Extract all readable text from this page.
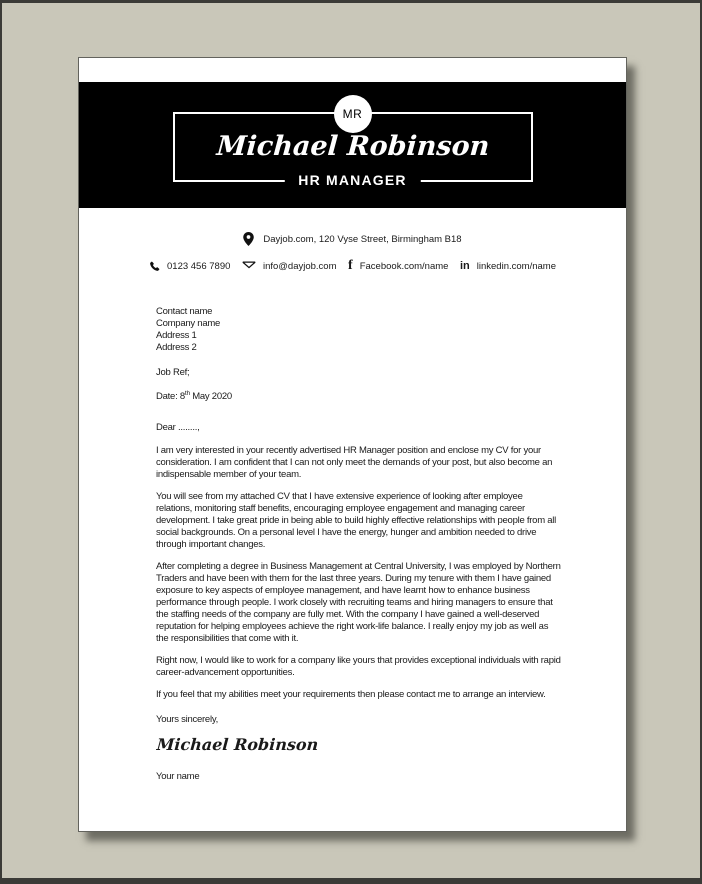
MR
Michael Robinson
HR MANAGER
Dayjob.com, 120 Vyse Street, Birmingham B18
0123 456 7890	info@dayjob.com f Facebook.com/name in linkedin.com/name
Contact name
Company name
Address 1
Address 2
Job Ref;
Date: 8th May 2020
Dear ........,

I am very interested in your recently advertised HR Manager position and enclose my CV for your consideration. I am confident that I can not only meet the demands of your post, but also become an indispensable member of your team.

You will see from my attached CV that I have extensive experience of looking after employee relations, monitoring staff benefits, encouraging employee engagement and managing career development. I take great pride in being able to build highly effective relationships with people from all social backgrounds. On a personal level I have the energy, hunger and ambition needed to drive through important changes.

After completing a degree in Business Management at Central University, I was employed by Northern Traders and have been with them for the last three years. During my tenure with them I have gained exposure to key aspects of employee management, and have learnt how to enhance business performance through people. I work closely with recruiting teams and hiring managers to ensure that the staffing needs of the company are fully met. With the company I have gained a well-deserved reputation for helping employees achieve the right work-life balance. I really enjoy my job as well as the responsibilities that come with it.

Right now, I would like to work for a company like yours that provides exceptional individuals with rapid career-advancement opportunities.

If you feel that my abilities meet your requirements then please contact me to arrange an interview.

Yours sincerely,
Michael Robinson
Your name
